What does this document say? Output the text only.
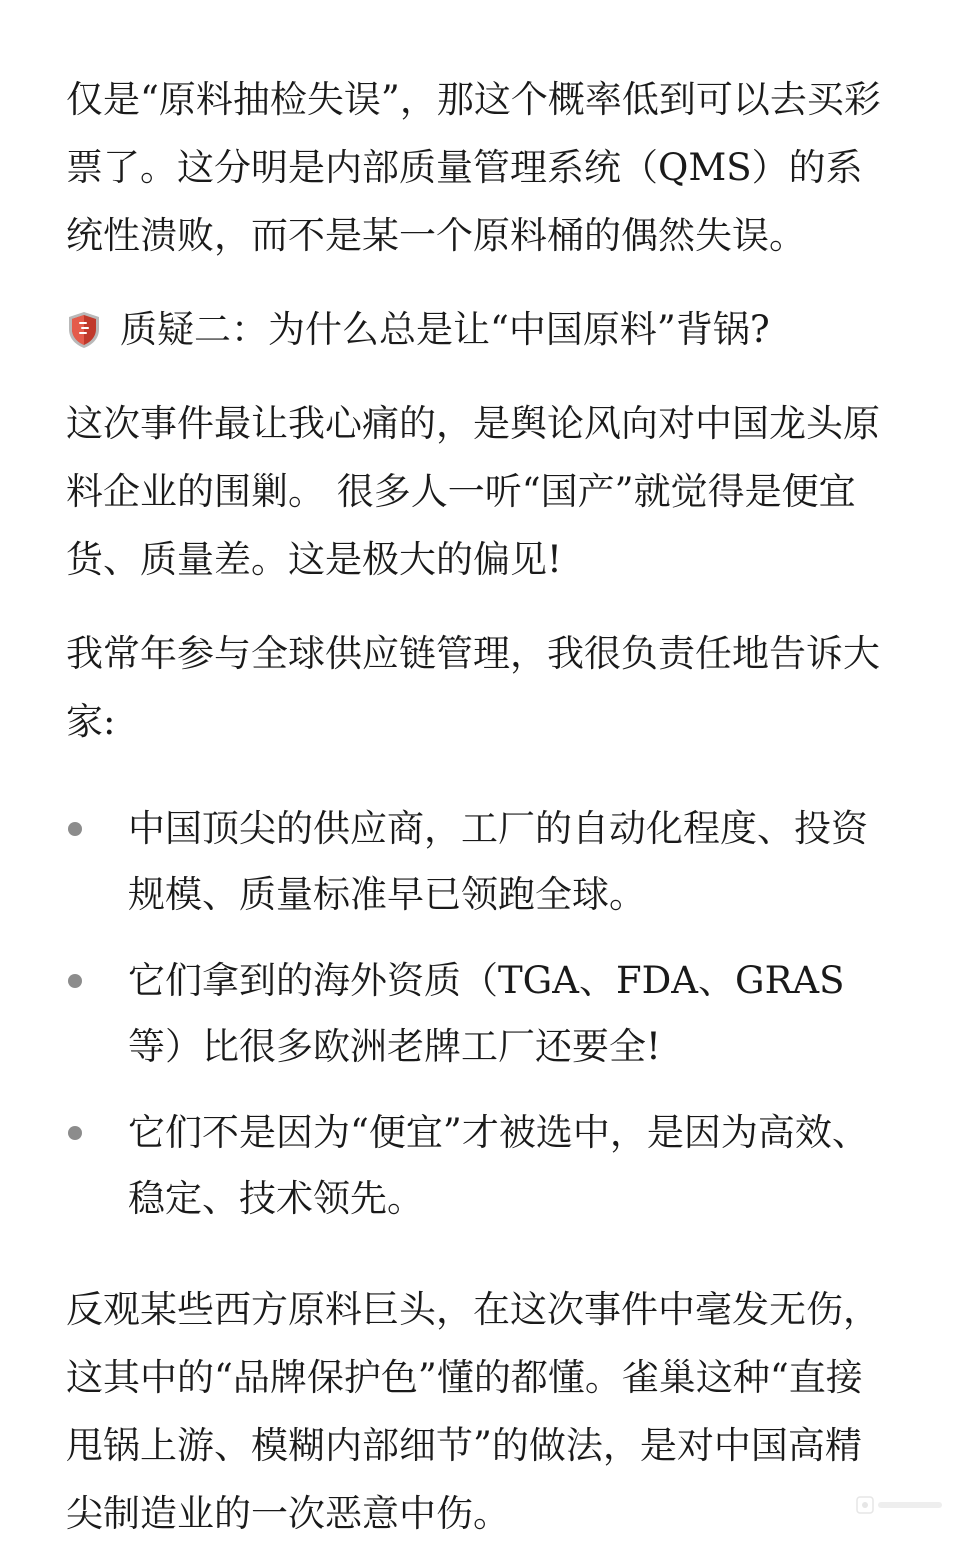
仅是“原料抽检失误”，那这个概率低到可以去买彩票了。这分明是内部质量管理系统（QMS）的系统性溃败，而不是某一个原料桶的偶然失误。

质疑二：为什么总是让“中国原料”背锅?

这次事件最让我心痛的，是舆论风向对中国龙头原料企业的围剿。 很多人一听“国产”就觉得是便宜货、质量差。这是极大的偏见!

我常年参与全球供应链管理，我很负责任地告诉大家:

中国顶尖的供应商，工厂的自动化程度、投资规模、质量标准早已领跑全球。
它们拿到的海外资质（TGA、FDA、GRAS等）比很多欧洲老牌工厂还要全!
它们不是因为“便宜”才被选中，是因为高效、稳定、技术领先。

反观某些西方原料巨头，在这次事件中毫发无伤，这其中的“品牌保护色”懂的都懂。雀巢这种“直接甩锅上游、模糊内部细节”的做法，是对中国高精尖制造业的一次恶意中伤。
